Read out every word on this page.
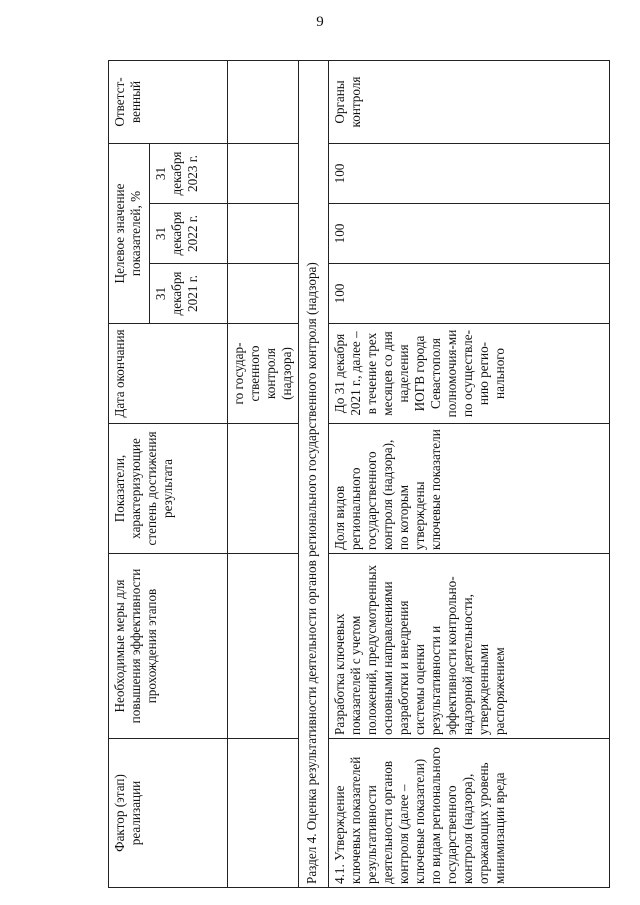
9
Фактор (этап) реализации
Необходимые меры для повышения эффективности прохождения этапов
Показатели, характеризующие степень достижения результата
Дата окончания
Целевое значение показателей, %
31 декабря 2021 г.
31 декабря 2022 г.
31 декабря 2023 г.
Ответст-венный
го государ-ственного контроля (надзора) Раздел 4. Оценка результативности деятельности органов регионального государственного контроля (надзора) 4.1. Утверждение ключевых показателей результативности деятельности органов контроля (далее – ключевые показатели) по видам регионального государственного контроля (надзора), отражающих уровень минимизации вреда
Разработка ключевых показателей с учетом положений, предусмотренных основными направлениями разработки и внедрения системы оценки результативности и эффективности контрольно-надзорной деятельности, утвержденными распоряжением
Доля видов регионального государственного контроля (надзора), по которым утверждены ключевые показатели
До 31 декабря 2021 г., далее – в течение трех месяцев со дня наделения ИОГВ города Севастополя полномочия-ми по осуществле-нию регио-нального
100
100
100
Органы контроля
